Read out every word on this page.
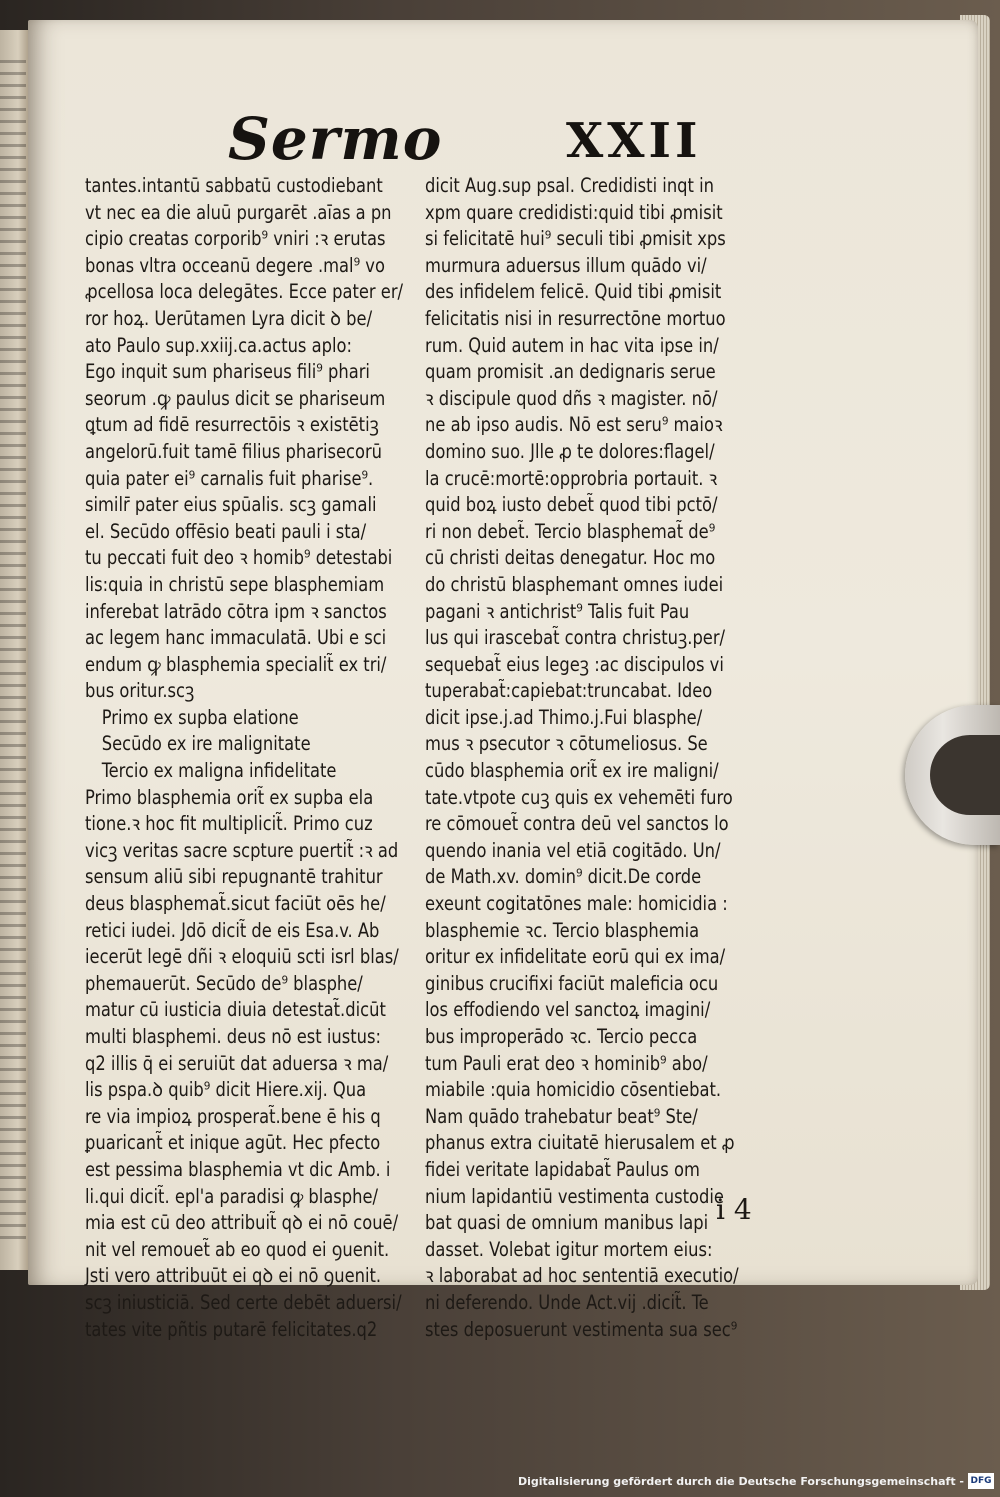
Sermo	XXII
tantes.intantū sabbatū custodiebant
vt nec ea die aluū purgarēt .aīas a pn
cipio creatas corporib⁹ vniri :ꝛ erutas
bonas vltra occeanū degere .mal⁹ vo
ꝓcellosa loca delegātes. Ecce pater er/
ror hoꝝ. Uerūtamen Lyra dicit ꝺ be/
ato Paulo sup.xxiij.ca.actus aplo꞉
Ego inquit sum phariseus fili⁹ phari
seorum .ꝙ paulus dicit se phariseum
ꝗtum ad fidē resurrectōis ꝛ existētiꝫ
angelorū.fuit tamē filius pharisecorū
quia pater ei⁹ carnalis fuit pharise⁹.
similr̄ pater eius spūalis. scꝫ gamali
el. Secūdo offēsio beati pauli i sta/
tu peccati fuit deo ꝛ homib⁹ detestabi
lis:quia in christū sepe blasphemiam
inferebat latrādo cōtra ipm ꝛ sanctos
ac legem hanc immaculatā. Ubi e sci
endum ꝙ blasphemia specialit̃ ex tri/
bus oritur.scꝫ
Primo ex supba elatione
Secūdo ex ire malignitate
Tercio ex maligna infidelitate
Primo blasphemia orit̃ ex supba ela
tione.ꝛ hoc fit multiplicit̃. Primo cuz
vicꝫ veritas sacre scpture puertit̃ :ꝛ ad
sensum aliū sibi repugnantē trahitur
deus blasphemat̃.sicut faciūt oēs he/
retici iudei. Jdō dicit̃ de eis Esa.v. Ab
iecerūt legē dñi ꝛ eloquiū scti isrl blas/
phemauerūt. Secūdo de⁹ blasphe/
matur cū iusticia diuia detestat̃.dicūt
multi blasphemi. deus nō est iustus:
q2 illis q̄ ei seruiūt dat aduersa ꝛ ma/
lis pspa.ꝺ quib⁹ dicit Hiere.xij. Qua
re via impioꝝ prosperat̃.bene ē his q
ꝑuaricant̃ et inique agūt. Hec pfecto
est pessima blasphemia vt dic Amb. i
li.qui dicit̃. epl'a paradisi ꝙ blasphe/
mia est cū deo attribuit̃ qꝺ ei nō couē/
nit vel remouet̃ ab eo quod ei ꝯuenit.
Jsti vero attribuūt ei qꝺ ei nō ꝯuenit.
scꝫ iniusticiā. Sed certe debēt aduersi/
tates vite pñtis putarē felicitates.q2
dicit Aug.sup psal. Credidisti inqt in
xpm quare credidisti:quid tibi ꝓmisit
si felicitatē hui⁹ seculi tibi ꝓmisit xps
murmura aduersus illum quādo vi/
des infidelem felicē. Quid tibi ꝓmisit
felicitatis nisi in resurrectōne mortuo
rum. Quid autem in hac vita ipse in/
quam promisit .an dedignaris serue
ꝛ discipule quod dñs ꝛ magister. nō/
ne ab ipso audis. Nō est seru⁹ maioꝛ
domino suo. Jlle ꝓ te dolores:flagel/
la crucē:mortē:opprobria portauit. ꝛ
quid boꝝ iusto debet̃ quod tibi pctō/
ri non debet̃. Tercio blasphemat̃ de⁹
cū christi deitas denegatur. Hoc mo
do christū blasphemant omnes iudei
pagani ꝛ antichrist⁹ Talis fuit Pau
lus qui irascebat̃ contra christuꝫ.per/
sequebat̃ eius legeꝫ :ac discipulos vi
tuperabat̃:capiebat:truncabat. Ideo
dicit ipse.j.ad Thimo.j.Fui blasphe/
mus ꝛ psecutor ꝛ cōtumeliosus. Se
cūdo blasphemia orit̃ ex ire maligni/
tate.vtpote cuꝫ quis ex vehemēti furo
re cōmouet̃ contra deū vel sanctos lo
quendo inania vel etiā cogitādo. Un/
de Math.xv. domin⁹ dicit.De corde
exeunt cogitatōnes male: homicidia :
blasphemie ꝛc. Tercio blasphemia
oritur ex infidelitate eorū qui ex ima/
ginibus crucifixi faciūt maleficia ocu
los effodiendo vel sanctoꝝ imagini/
bus improperādo ꝛc. Tercio pecca
tum Pauli erat deo ꝛ hominib⁹ abo/
miabile :quia homicidio cōsentiebat.
Nam quādo trahebatur beat⁹ Ste/
phanus extra ciuitatē hierusalem et ꝓ
fidei veritate lapidabat̃ Paulus om
nium lapidantiū vestimenta custodie
bat quasi de omnium manibus lapi
dasset. Volebat igitur mortem eius:
ꝛ laborabat ad hoc sententiā executio/
ni deferendo. Unde Act.vij .dicit̃. Te
stes deposuerunt vestimenta sua sec⁹
i 4
Digitalisierung gefördert durch die Deutsche Forschungsgemeinschaft - DFG
